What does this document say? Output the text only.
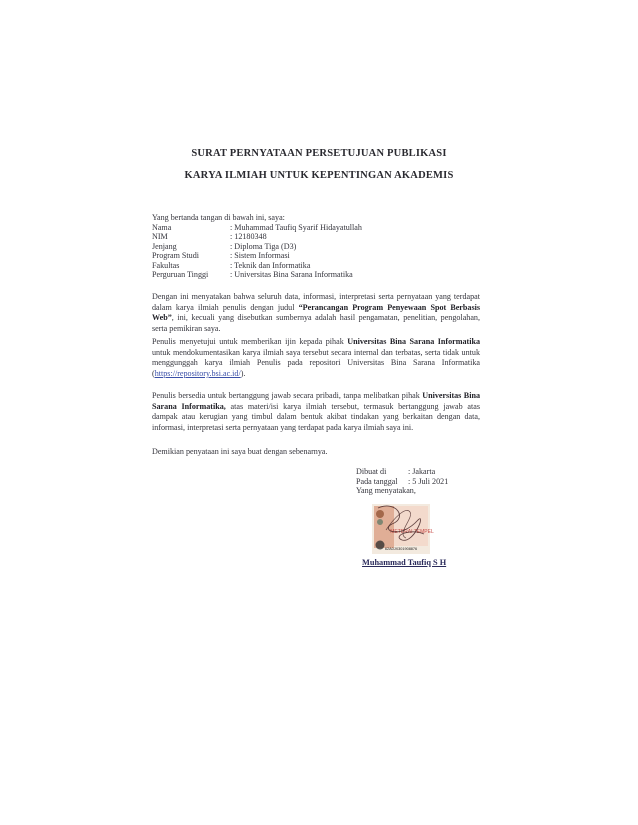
SURAT PERNYATAAN PERSETUJUAN PUBLIKASI
KARYA ILMIAH UNTUK KEPENTINGAN AKADEMIS
Yang bertanda tangan di bawah ini, saya:
Nama	: Muhammad Taufiq Syarif Hidayatullah
NIM	: 12180348
Jenjang	: Diploma Tiga (D3)
Program Studi	: Sistem Informasi
Fakultas	: Teknik dan Informatika
Perguruan Tinggi	: Universitas Bina Sarana Informatika
Dengan ini menyatakan bahwa seluruh data, informasi, interpretasi serta pernyataan yang terdapat dalam karya ilmiah penulis dengan judul “Perancangan Program Penyewaan Spot Berbasis Web”, ini, kecuali yang disebutkan sumbernya adalah hasil pengamatan, penelitian, pengolahan, serta pemikiran saya.
Penulis menyetujui untuk memberikan ijin kepada pihak Universitas Bina Sarana Informatika untuk mendokumentasikan karya ilmiah saya tersebut secara internal dan terbatas, serta tidak untuk menggunggah karya ilmiah Penulis pada repositori Universitas Bina Sarana Informatika (https://repository.bsi.ac.id/).
Penulis bersedia untuk bertanggung jawab secara pribadi, tanpa melibatkan pihak Universitas Bina Sarana Informatika, atas materi/isi karya ilmiah tersebut, termasuk bertanggung jawab atas dampak atau kerugian yang timbul dalam bentuk akibat tindakan yang berkaitan dengan data, informasi, interpretasi serta pernyataan yang terdapat pada karya ilmiah saya ini.
Demikian penyataan ini saya buat dengan sebenarnya.
Dibuat di	: Jakarta
Pada tanggal	: 5 Juli 2021
Yang menyatakan,
METERAI TEMPEL
62A0JX301908876
Muhammad Taufiq S H
